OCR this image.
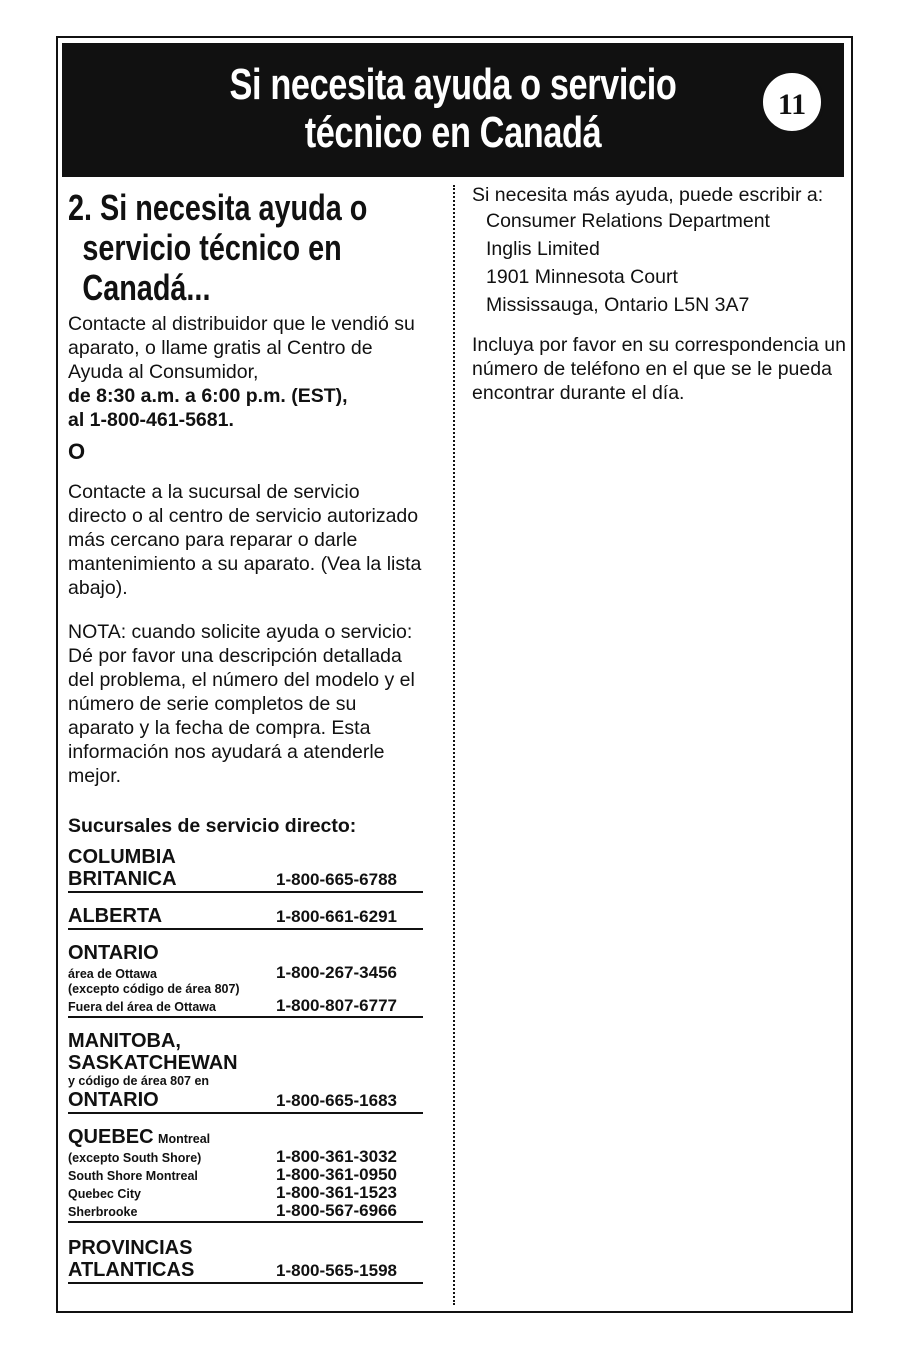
Si necesita ayuda o servicio
técnico en Canadá
11
2. Si necesita ayuda o
servicio técnico en
Canadá...

Contacte al distribuidor que le vendió su aparato, o llame gratis al Centro de Ayuda al Consumidor,

de 8:30 a.m. a 6:00 p.m. (EST),

al 1-800-461-5681.

O

Contacte a la sucursal de servicio directo o al centro de servicio autorizado más cercano para reparar o darle mantenimiento a su aparato. (Vea la lista abajo).

NOTA: cuando solicite ayuda o servicio: Dé por favor una descripción detallada del problema, el número del modelo y el número de serie completos de su aparato y la fecha de compra. Esta información nos ayudará a atenderle mejor.

Sucursales de servicio directo:
COLUMBIA
BRITANICA	1-800-665-6788
ALBERTA	1-800-661-6291
ONTARIO
área de Ottawa	1-800-267-3456
(excepto código de área 807)
Fuera del área de Ottawa	1-800-807-6777
MANITOBA,
SASKATCHEWAN
y código de área 807 en
ONTARIO	1-800-665-1683
QUEBEC Montreal
(excepto South Shore)	1-800-361-3032
South Shore Montreal	1-800-361-0950
Quebec City	1-800-361-1523
Sherbrooke	1-800-567-6966
PROVINCIAS
ATLANTICAS	1-800-565-1598

Si necesita más ayuda, puede escribir a:

Consumer Relations Department

Inglis Limited

1901 Minnesota Court

Mississauga, Ontario L5N 3A7

Incluya por favor en su correspondencia un número de teléfono en el que se le pueda encontrar durante el día.
